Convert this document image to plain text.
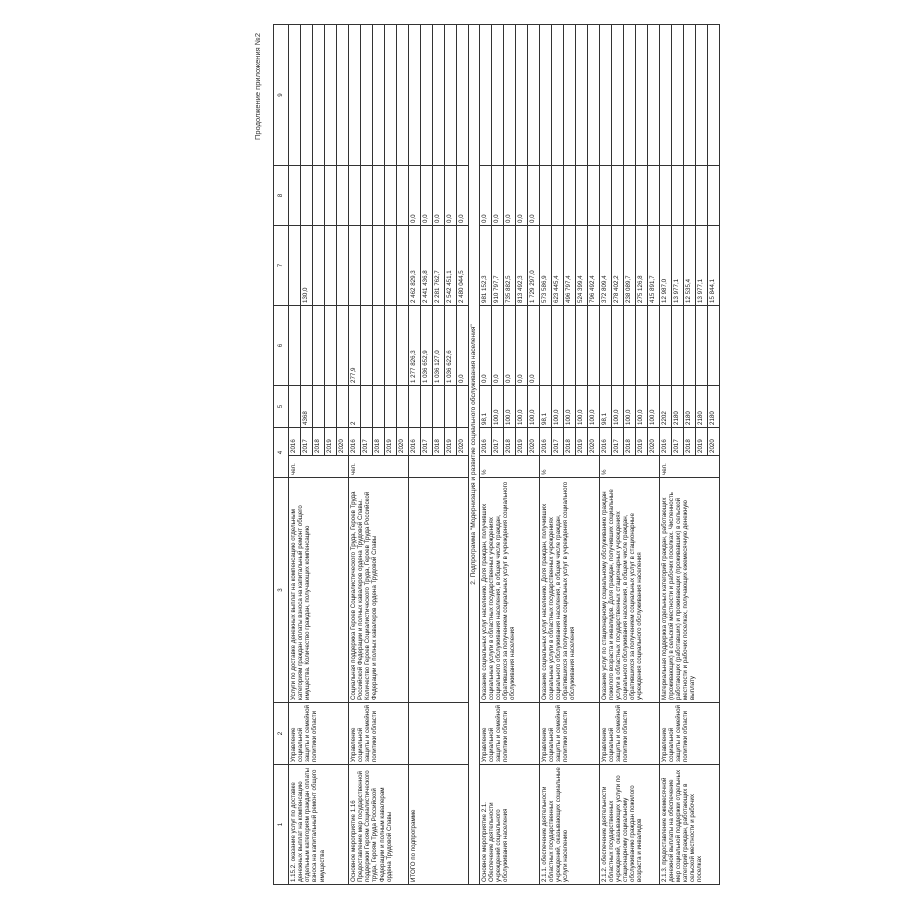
Продолжение приложения №2
1	2	3	4		5	6	7	8	9	
1.15.2. оказание услуг по доставке денежных выплат на компенсацию отдельным категориям граждан оплаты взноса на капитальный ремонт общего имущества	Управление социальной защиты и семейной политики области	Услуги по доставке денежных выплат на компенсацию отдельным категориям граждан оплаты взноса на капитальный ремонт общего имущества. Количество граждан, получающих компенсацию	чел.	2016						
				2017	4368		130,0			
				2018						
				2019						
				2020						
Основное мероприятие 1.16 Предоставление мер государственной поддержки Героям Социалистического труда, Героям Труда Российской Федерации и полным кавалерам ордена Трудовой Славы	Управление социальной защиты и семейной политики области	Социальная поддержка Героев Социалистического Труда, Героев Труда Российской Федерации и полных кавалеров ордена Трудовой Славы. Количество Героев Социалистического Труда, Героев Труда Российской Федерации и полных кавалеров ордена Трудовой Славы	чел.	2016	2	277,9				
				2017						
				2018						
				2019						
				2020						
ИТОГО по подпрограмме				2016		1 277 826,3	2 462 829,3	0,0		
				2017		1 036 652,9	2 441 436,8	0,0		
				2018		1 036 127,0	2 281 762,7	0,0		
				2019		1 036 622,6	2 542 451,1	0,0		
				2020		0,0	2 480 044,5	0,0		
2. Подпрограмма "Модернизация и развитие социального обслуживания населения"										
Основное мероприятие 2.1. Обеспечение деятельности учреждений социального обслуживания населения	Управление социальной защиты и семейной политики области	Оказание социальных услуг населению. Доля граждан, получивших социальные услуги в областных государственных учреждениях социального обслуживания населения, в общем числе граждан, обратившихся за получением социальных услуг в учреждения социального обслуживания населения	%	2016	98,1	0,0	981 152,3	0,0		
				2017	100,0	0,0	910 797,7	0,0		
				2018	100,0	0,0	735 882,5	0,0		
				2019	100,0	0,0	813 492,3	0,0		
				2020	100,0	0,0	1 729 297,0	0,0		
2.1.1. обеспечение деятельности областных государственных учреждений, оказывающих социальные услуги населению	Управление социальной защиты и семейной политики области	Оказание социальных услуг населению. Доля граждан, получивших социальные услуги в областных государственных учреждениях социального обслуживания населения, в общем числе граждан, обратившихся за получением социальных услуг в учреждения социального обслуживания населения	%	2016	98,1		573 586,9			
				2017	100,0		623 445,4			
				2018	100,0		496 797,4			
				2019	100,0		524 399,4			
				2020	100,0		796 492,4			
2.1.2. обеспечение деятельности областных государственных учреждений, оказывающих услуги по стационарному социальному обслуживанию граждан пожилого возраста и инвалидов	Управление социальной защиты и семейной политики области	Оказание услуг по стационарному социальному обслуживанию граждан пожилого возраста и инвалидов. Доля граждан, получивших социальные услуги в областных государственных стационарных учреждениях социального обслуживания населения, в общем числе граждан, обратившихся за получением социальных услуг в стационарные учреждения социального обслуживания населения	%	2016	98,1		372 809,4			
				2017	100,0		278 402,2			
				2018	100,0		238 089,7			
				2019	100,0		275 126,8			
				2020	100,0		415 891,7			
2.1.3. предоставление ежемесячной денежной выплаты на обеспечение мер социальной поддержки отдельных категорий граждан, работающих в сельской местности и рабочих поселках	Управление социальной защиты и семейной политики области	Материальная поддержка отдельных категорий граждан, работающих (проживающих) в сельской местности и рабочих поселках. Численность работающих (работавших) и проживающих (проживавших) в сельской местности и рабочих поселках, получающих ежемесячную денежную выплату	чел.	2016	2202		12 987,0			
				2017	2180		13 977,1			
				2018	2180		12 535,4			
				2019	2180		13 977,1			
				2020	2180		15 844,1			
